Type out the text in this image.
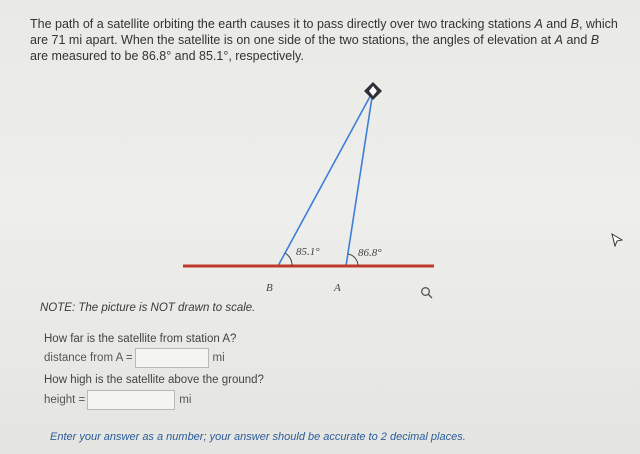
The path of a satellite orbiting the earth causes it to pass directly over two tracking stations A and B, which are 71 mi apart. When the satellite is on one side of the two stations, the angles of elevation at A and B are measured to be 86.8° and 85.1°, respectively.
85.1°	86.8°
B	A
NOTE: The picture is NOT drawn to scale.
How far is the satellite from station A?
distance from A =	mi
How high is the satellite above the ground?
height =	mi
Enter your answer as a number; your answer should be accurate to 2 decimal places.
